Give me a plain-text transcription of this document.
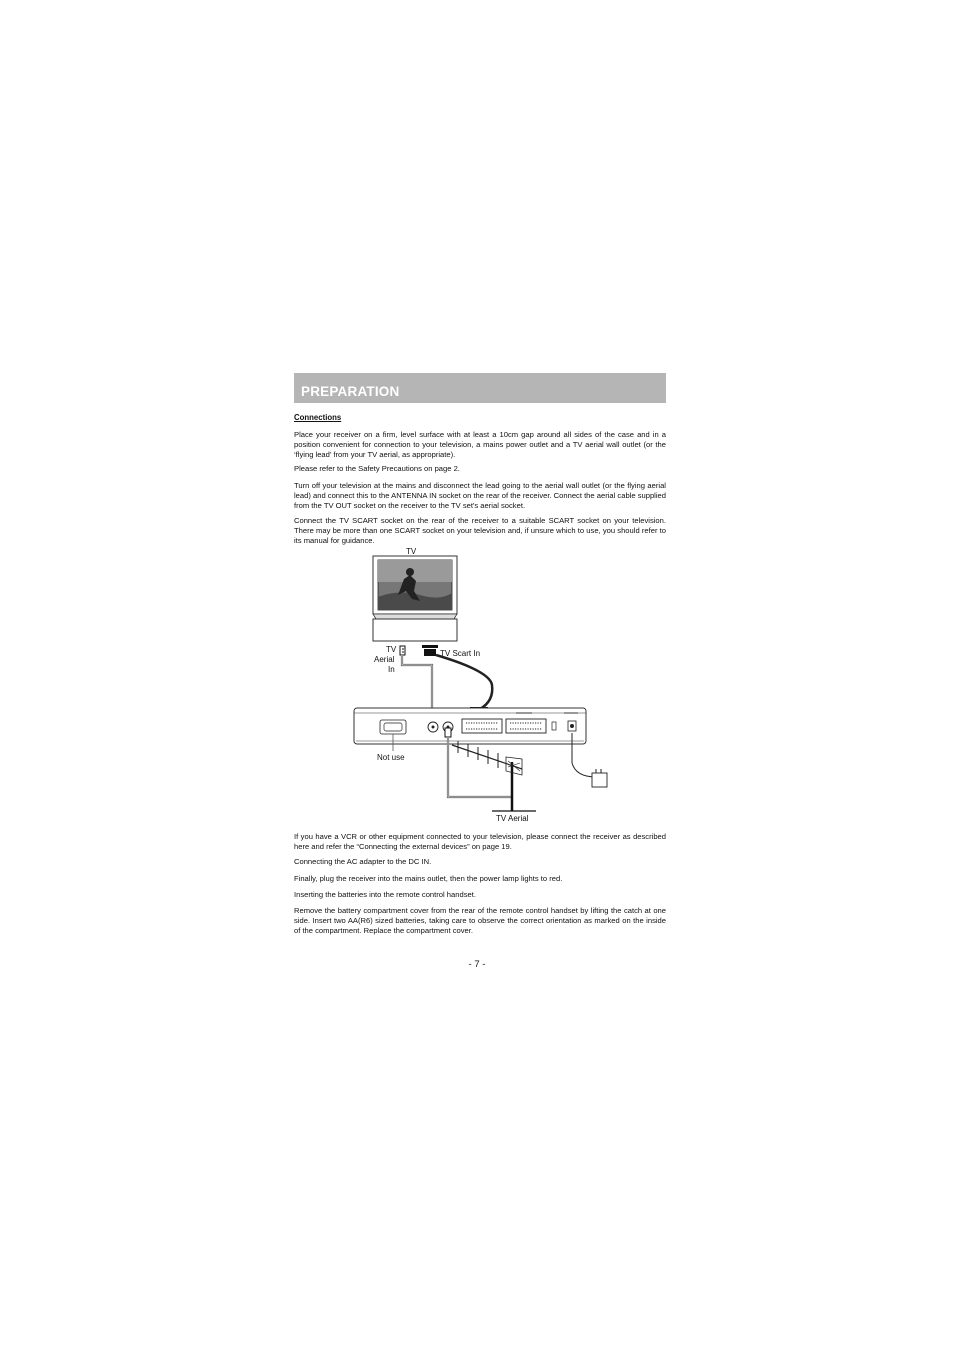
PREPARATION
Connections

Place your receiver on a firm, level surface with at least a 10cm gap around all sides of the case and in a position convenient for connection to your television, a mains power outlet and a TV aerial wall outlet (or the ‘flying lead’ from your TV aerial, as appropriate).

Please refer to the Safety Precautions on page 2.

Turn off your television at the mains and disconnect the lead going to the aerial wall outlet (or the flying aerial lead) and connect this to the ANTENNA IN socket on the rear of the receiver. Connect the aerial cable supplied from the TV OUT socket on the receiver to the TV set's aerial socket.

Connect the TV SCART socket on the rear of the receiver to a suitable SCART socket on your television. There may be more than one SCART socket on your television and, if unsure which to use, you should refer to its manual for guidance.

TV
TV
Aerial
In
TV Scart In
Not use
TV Aerial

If you have a VCR or other equipment connected to your television, please connect the receiver as described here and refer the “Connecting the external devices” on page 19.

Connecting the AC adapter to the DC IN.

Finally, plug the receiver into the mains outlet, then the power lamp lights to red.

Inserting the batteries into the remote control handset.

Remove the battery compartment cover from the rear of the remote control handset by lifting the catch at one side. Insert two AA(R6) sized batteries, taking care to observe the correct orientation as marked on the inside of the compartment. Replace the compartment cover.

- 7 -
